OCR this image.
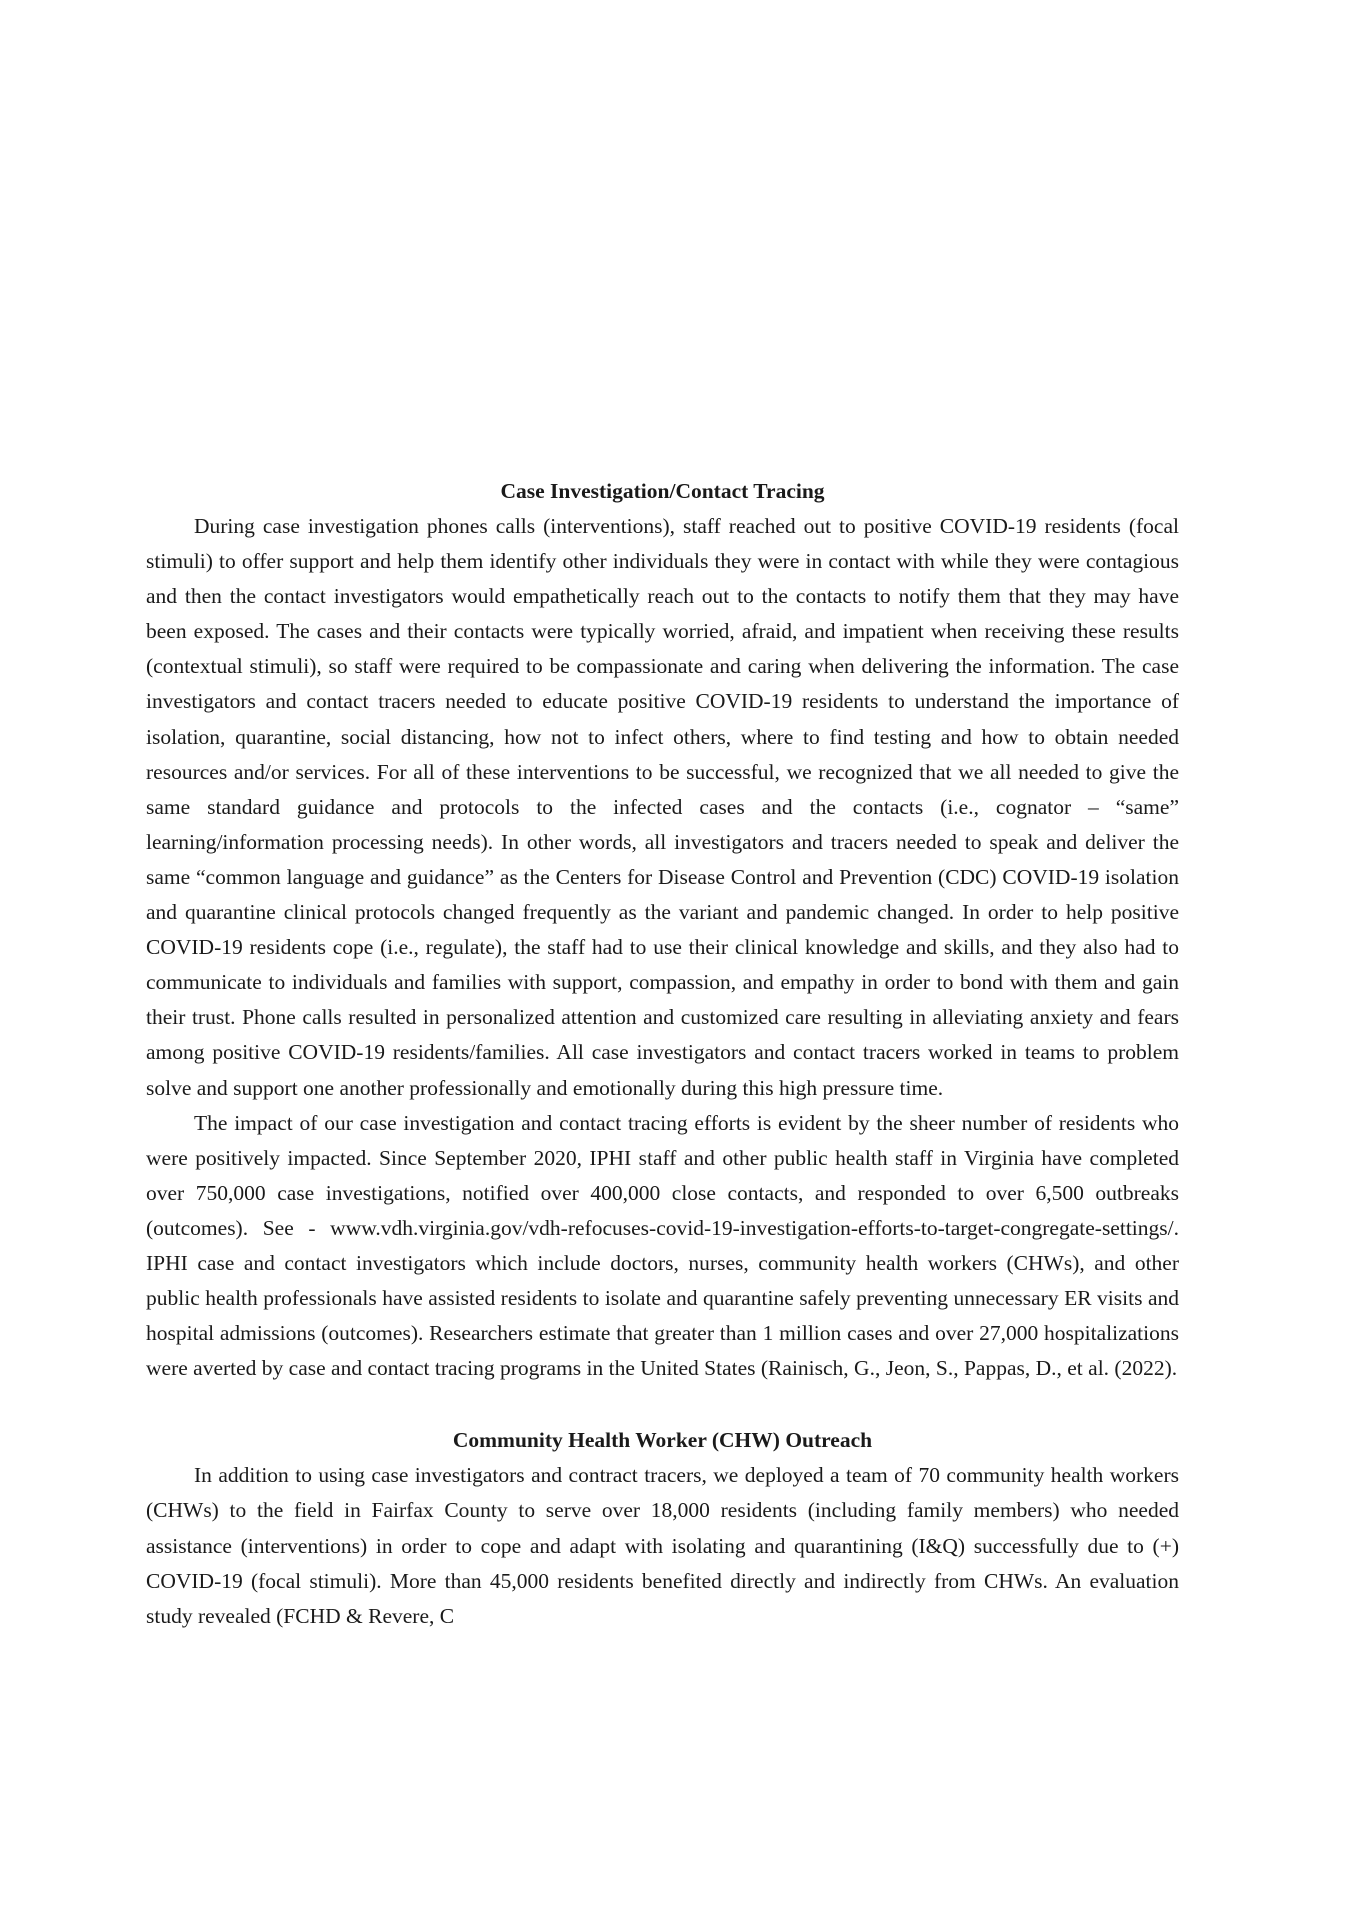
Case Investigation/Contact Tracing

During case investigation phones calls (interventions), staff reached out to positive COVID-19 residents (focal stimuli) to offer support and help them identify other individuals they were in contact with while they were contagious and then the contact investigators would empathetically reach out to the contacts to notify them that they may have been exposed. The cases and their contacts were typically worried, afraid, and impatient when receiving these results (contextual stimuli), so staff were required to be compassionate and caring when delivering the information. The case investigators and contact tracers needed to educate positive COVID-19 residents to understand the importance of isolation, quarantine, social distancing, how not to infect others, where to find testing and how to obtain needed resources and/or services. For all of these interventions to be successful, we recognized that we all needed to give the same standard guidance and protocols to the infected cases and the contacts (i.e., cognator – “same” learning/information processing needs). In other words, all investigators and tracers needed to speak and deliver the same “common language and guidance” as the Centers for Disease Control and Prevention (CDC) COVID-19 isolation and quarantine clinical protocols changed frequently as the variant and pandemic changed. In order to help positive COVID-19 residents cope (i.e., regulate), the staff had to use their clinical knowledge and skills, and they also had to communicate to individuals and families with support, compassion, and empathy in order to bond with them and gain their trust. Phone calls resulted in personalized attention and customized care resulting in alleviating anxiety and fears among positive COVID-19 residents/families. All case investigators and contact tracers worked in teams to problem solve and support one another professionally and emotionally during this high pressure time.

The impact of our case investigation and contact tracing efforts is evident by the sheer number of residents who were positively impacted. Since September 2020, IPHI staff and other public health staff in Virginia have completed over 750,000 case investigations, notified over 400,000 close contacts, and responded to over 6,500 outbreaks (outcomes). See - www.vdh.virginia.gov/vdh-refocuses-covid-19-investigation-efforts-to-target-congregate-settings/. IPHI case and contact investigators which include doctors, nurses, community health workers (CHWs), and other public health professionals have assisted residents to isolate and quarantine safely preventing unnecessary ER visits and hospital admissions (outcomes). Researchers estimate that greater than 1 million cases and over 27,000 hospitalizations were averted by case and contact tracing programs in the United States (Rainisch, G., Jeon, S., Pappas, D., et al. (2022).

Community Health Worker (CHW) Outreach

In addition to using case investigators and contract tracers, we deployed a team of 70 community health workers (CHWs) to the field in Fairfax County to serve over 18,000 residents (including family members) who needed assistance (interventions) in order to cope and adapt with isolating and quarantining (I&Q) successfully due to (+) COVID-19 (focal stimuli). More than 45,000 residents benefited directly and indirectly from CHWs. An evaluation study revealed (FCHD & Revere, C
